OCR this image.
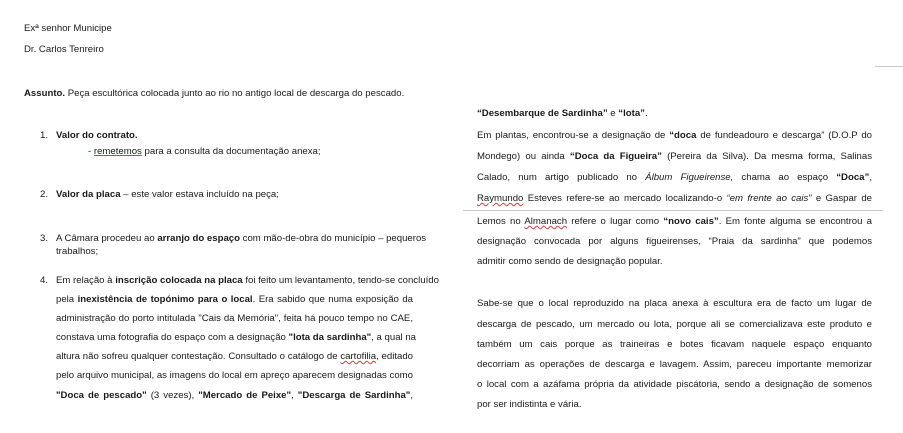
Exª senhor Municipe
Dr. Carlos Tenreiro
Assunto. Peça escultórica colocada junto ao rio no antigo local de descarga do pescado.
1. Valor do contrato.
- remetemos para a consulta da documentação anexa;
2. Valor da placa – este valor estava incluído na peça;
3. A Câmara procedeu ao arranjo do espaço com mão-de-obra do município – pequeros
trabalhos;
4. Em relação à inscrição colocada na placa foi feito um levantamento, tendo-se concluído
pela inexistência de topónimo para o local. Era sabido que numa exposição da
administração do porto intitulada "Cais da Memória", feita há pouco tempo no CAE,
constava uma fotografia do espaço com a designação "lota da sardinha", a qual na
altura não sofreu qualquer contestação. Consultado o catálogo de cartofilia, editado
pelo arquivo municipal, as imagens do local em apreço aparecem designadas como
"Doca de pescado" (3 vezes), "Mercado de Peixe", "Descarga de Sardinha",
“Desembarque de Sardinha” e “lota”.
Em plantas, encontrou-se a designação de “doca de fundeadouro e descarga” (D.O.P do
Mondego) ou ainda “Doca da Figueira” (Pereira da Silva). Da mesma forma, Salinas
Calado, num artigo publicado no Álbum Figueirense, chama ao espaço “Doca”,
Raymundo Esteves refere-se ao mercado localizando-o “em frente ao cais” e Gaspar de
Lemos no Almanach refere o lugar como “novo cais”. Em fonte alguma se encontrou a
designação convocada por alguns figueirenses, “Praia da sardinha” que podemos
admitir como sendo de designação popular.
Sabe-se que o local reproduzido na placa anexa à escultura era de facto um lugar de
descarga de pescado, um mercado ou lota, porque ali se comercializava este produto e
também um cais porque as traineiras e botes ficavam naquele espaço enquanto
decorriam as operações de descarga e lavagem. Assim, pareceu importante memorizar
o local com a azáfama própria da atividade piscátoria, sendo a designação de somenos
por ser indistinta e vária.
